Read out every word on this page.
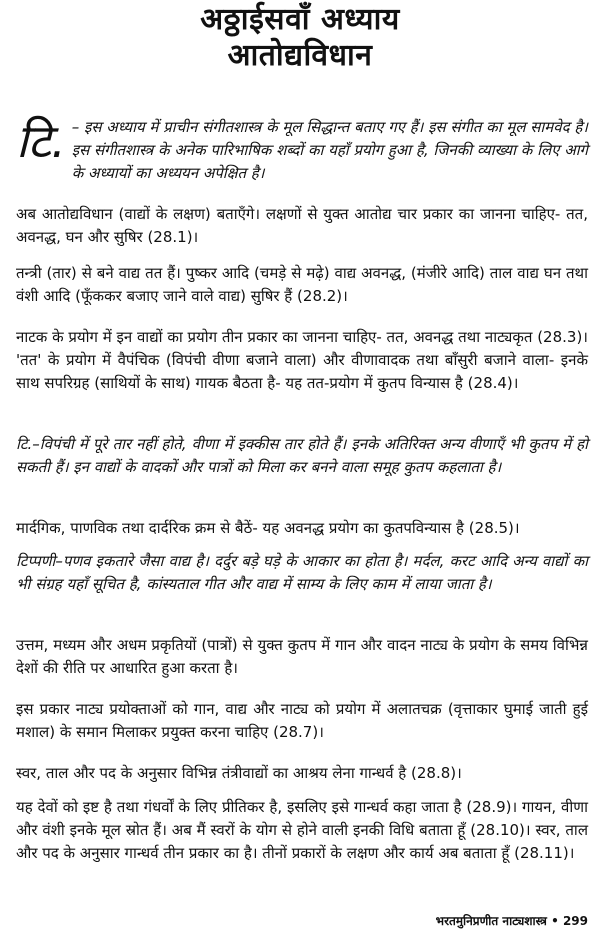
अठ्ठाईसवाँ अध्याय
आतोद्यविधान

टि. – इस अध्याय में प्राचीन संगीतशास्त्र के मूल सिद्धान्त बताए गए हैं। इस संगीत का मूल सामवेद है। इस संगीतशास्त्र के अनेक पारिभाषिक शब्दों का यहाँ प्रयोग हुआ है, जिनकी व्याख्या के लिए आगे के अध्यायों का अध्ययन अपेक्षित है।

अब आतोद्यविधान (वाद्यों के लक्षण) बताएँगे। लक्षणों से युक्त आतोद्य चार प्रकार का जानना चाहिए- तत, अवनद्ध, घन और सुषिर (28.1)।

तन्त्री (तार) से बने वाद्य तत हैं। पुष्कर आदि (चमड़े से मढ़े) वाद्य अवनद्ध, (मंजीरे आदि) ताल वाद्य घन तथा वंशी आदि (फूँककर बजाए जाने वाले वाद्य) सुषिर हैं (28.2)।

नाटक के प्रयोग में इन वाद्यों का प्रयोग तीन प्रकार का जानना चाहिए- तत, अवनद्ध तथा नाट्यकृत (28.3)। 'तत' के प्रयोग में वैपंचिक (विपंची वीणा बजाने वाला) और वीणावादक तथा बाँसुरी बजाने वाला- इनके साथ सपरिग्रह (साथियों के साथ) गायक बैठता है- यह तत-प्रयोग में कुतप विन्यास है (28.4)।

टि.–विपंची में पूरे तार नहीं होते, वीणा में इक्कीस तार होते हैं। इनके अतिरिक्त अन्य वीणाएँ भी कुतप में हो सकती हैं। इन वाद्यों के वादकों और पात्रों को मिला कर बनने वाला समूह कुतप कहलाता है।

मार्दगिक, पाणविक तथा दार्दरिक क्रम से बैठें- यह अवनद्ध प्रयोग का कुतपविन्यास है (28.5)।

टिप्पणी–पणव इकतारे जैसा वाद्य है। दर्दुर बड़े घड़े के आकार का होता है। मर्दल, करट आदि अन्य वाद्यों का भी संग्रह यहाँ सूचित है, कांस्यताल गीत और वाद्य में साम्य के लिए काम में लाया जाता है।

उत्तम, मध्यम और अधम प्रकृतियों (पात्रों) से युक्त कुतप में गान और वादन नाट्य के प्रयोग के समय विभिन्न देशों की रीति पर आधारित हुआ करता है।

इस प्रकार नाट्य प्रयोक्ताओं को गान, वाद्य और नाट्य को प्रयोग में अलातचक्र (वृत्ताकार घुमाई जाती हुई मशाल) के समान मिलाकर प्रयुक्त करना चाहिए (28.7)।

स्वर, ताल और पद के अनुसार विभिन्न तंत्रीवाद्यों का आश्रय लेना गान्धर्व है (28.8)।

यह देवों को इष्ट है तथा गंधर्वों के लिए प्रीतिकर है, इसलिए इसे गान्धर्व कहा जाता है (28.9)। गायन, वीणा और वंशी इनके मूल स्रोत हैं। अब मैं स्वरों के योग से होने वाली इनकी विधि बताता हूँ (28.10)। स्वर, ताल और पद के अनुसार गान्धर्व तीन प्रकार का है। तीनों प्रकारों के लक्षण और कार्य अब बताता हूँ (28.11)।

भरतमुनिप्रणीत नाट्यशास्त्र • 299
